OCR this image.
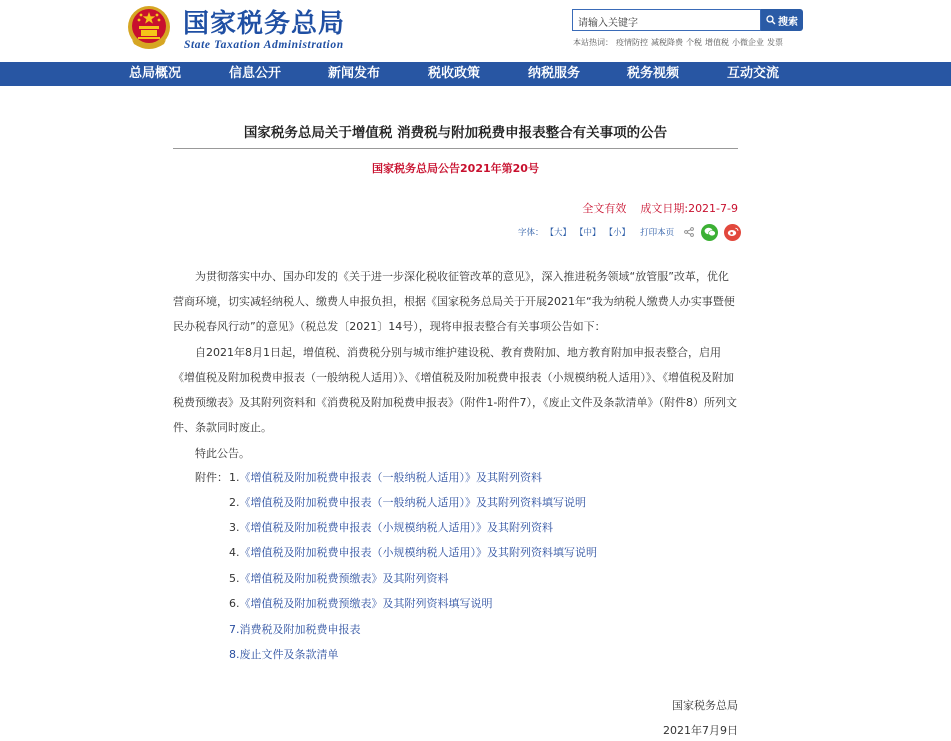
国家税务总局
State Taxation Administration
请输入关键字	搜索
本站热词： 疫情防控 减税降费 个税 增值税 小微企业 发票
总局概况	信息公开	新闻发布	税收政策	纳税服务	税务视频	互动交流
国家税务总局关于增值税 消费税与附加税费申报表整合有关事项的公告
国家税务总局公告2021年第20号
全文有效 成文日期:2021-7-9
字体： 【大】 【中】 【小】 打印本页
为贯彻落实中办、国办印发的《关于进一步深化税收征管改革的意见》，深入推进税务领域“放管服”改革，优化营商环境，切实减轻纳税人、缴费人申报负担，根据《国家税务总局关于开展2021年“我为纳税人缴费人办实事暨便民办税春风行动”的意见》（税总发〔2021〕14号），现将申报表整合有关事项公告如下：
自2021年8月1日起，增值税、消费税分别与城市维护建设税、教育费附加、地方教育附加申报表整合，启用《增值税及附加税费申报表（一般纳税人适用）》、《增值税及附加税费申报表（小规模纳税人适用）》、《增值税及附加税费预缴表》及其附列资料和《消费税及附加税费申报表》（附件1-附件7），《废止文件及条款清单》（附件8）所列文件、条款同时废止。
特此公告。
附件： 1.《增值税及附加税费申报表（一般纳税人适用）》及其附列资料
2.《增值税及附加税费申报表（一般纳税人适用）》及其附列资料填写说明
3.《增值税及附加税费申报表（小规模纳税人适用）》及其附列资料
4.《增值税及附加税费申报表（小规模纳税人适用）》及其附列资料填写说明
5.《增值税及附加税费预缴表》及其附列资料
6.《增值税及附加税费预缴表》及其附列资料填写说明
7.消费税及附加税费申报表
8.废止文件及条款清单
国家税务总局
2021年7月9日
